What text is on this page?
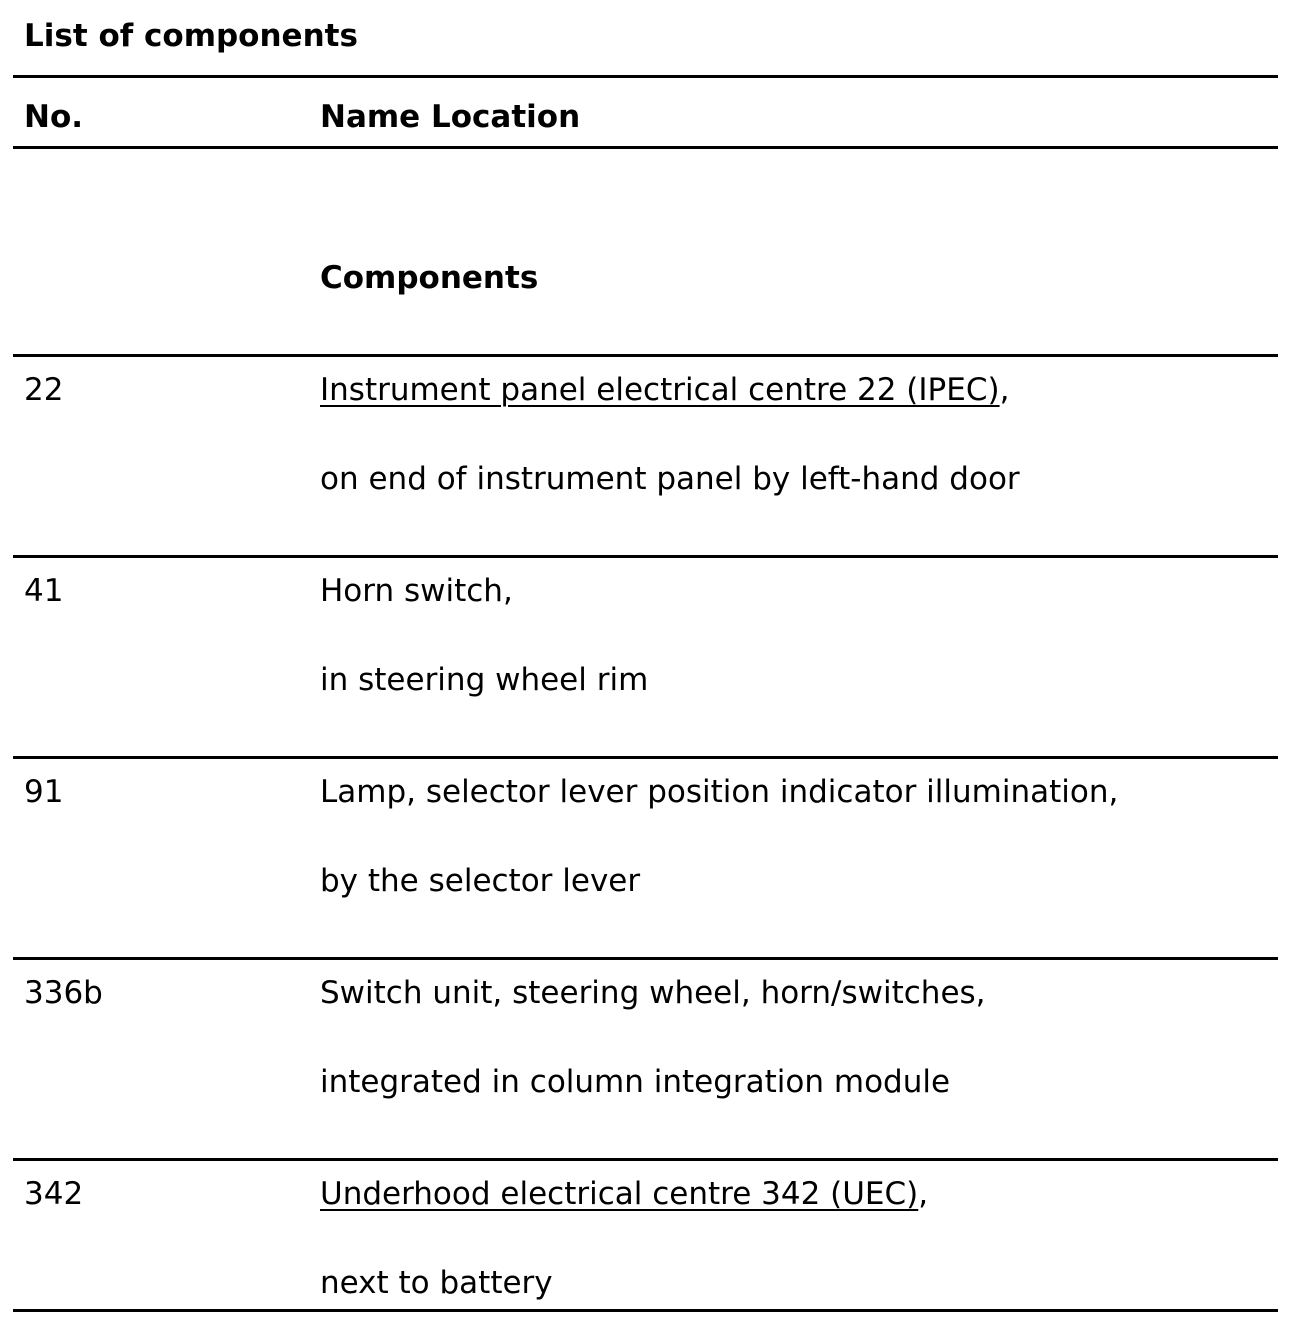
List of components
No.	Name Location
Components
22	Instrument panel electrical centre 22 (IPEC),
on end of instrument panel by left-hand door
41	Horn switch,
in steering wheel rim
91	Lamp, selector lever position indicator illumination,
by the selector lever
336b	Switch unit, steering wheel, horn/switches,
integrated in column integration module
342	Underhood electrical centre 342 (UEC),
next to battery
